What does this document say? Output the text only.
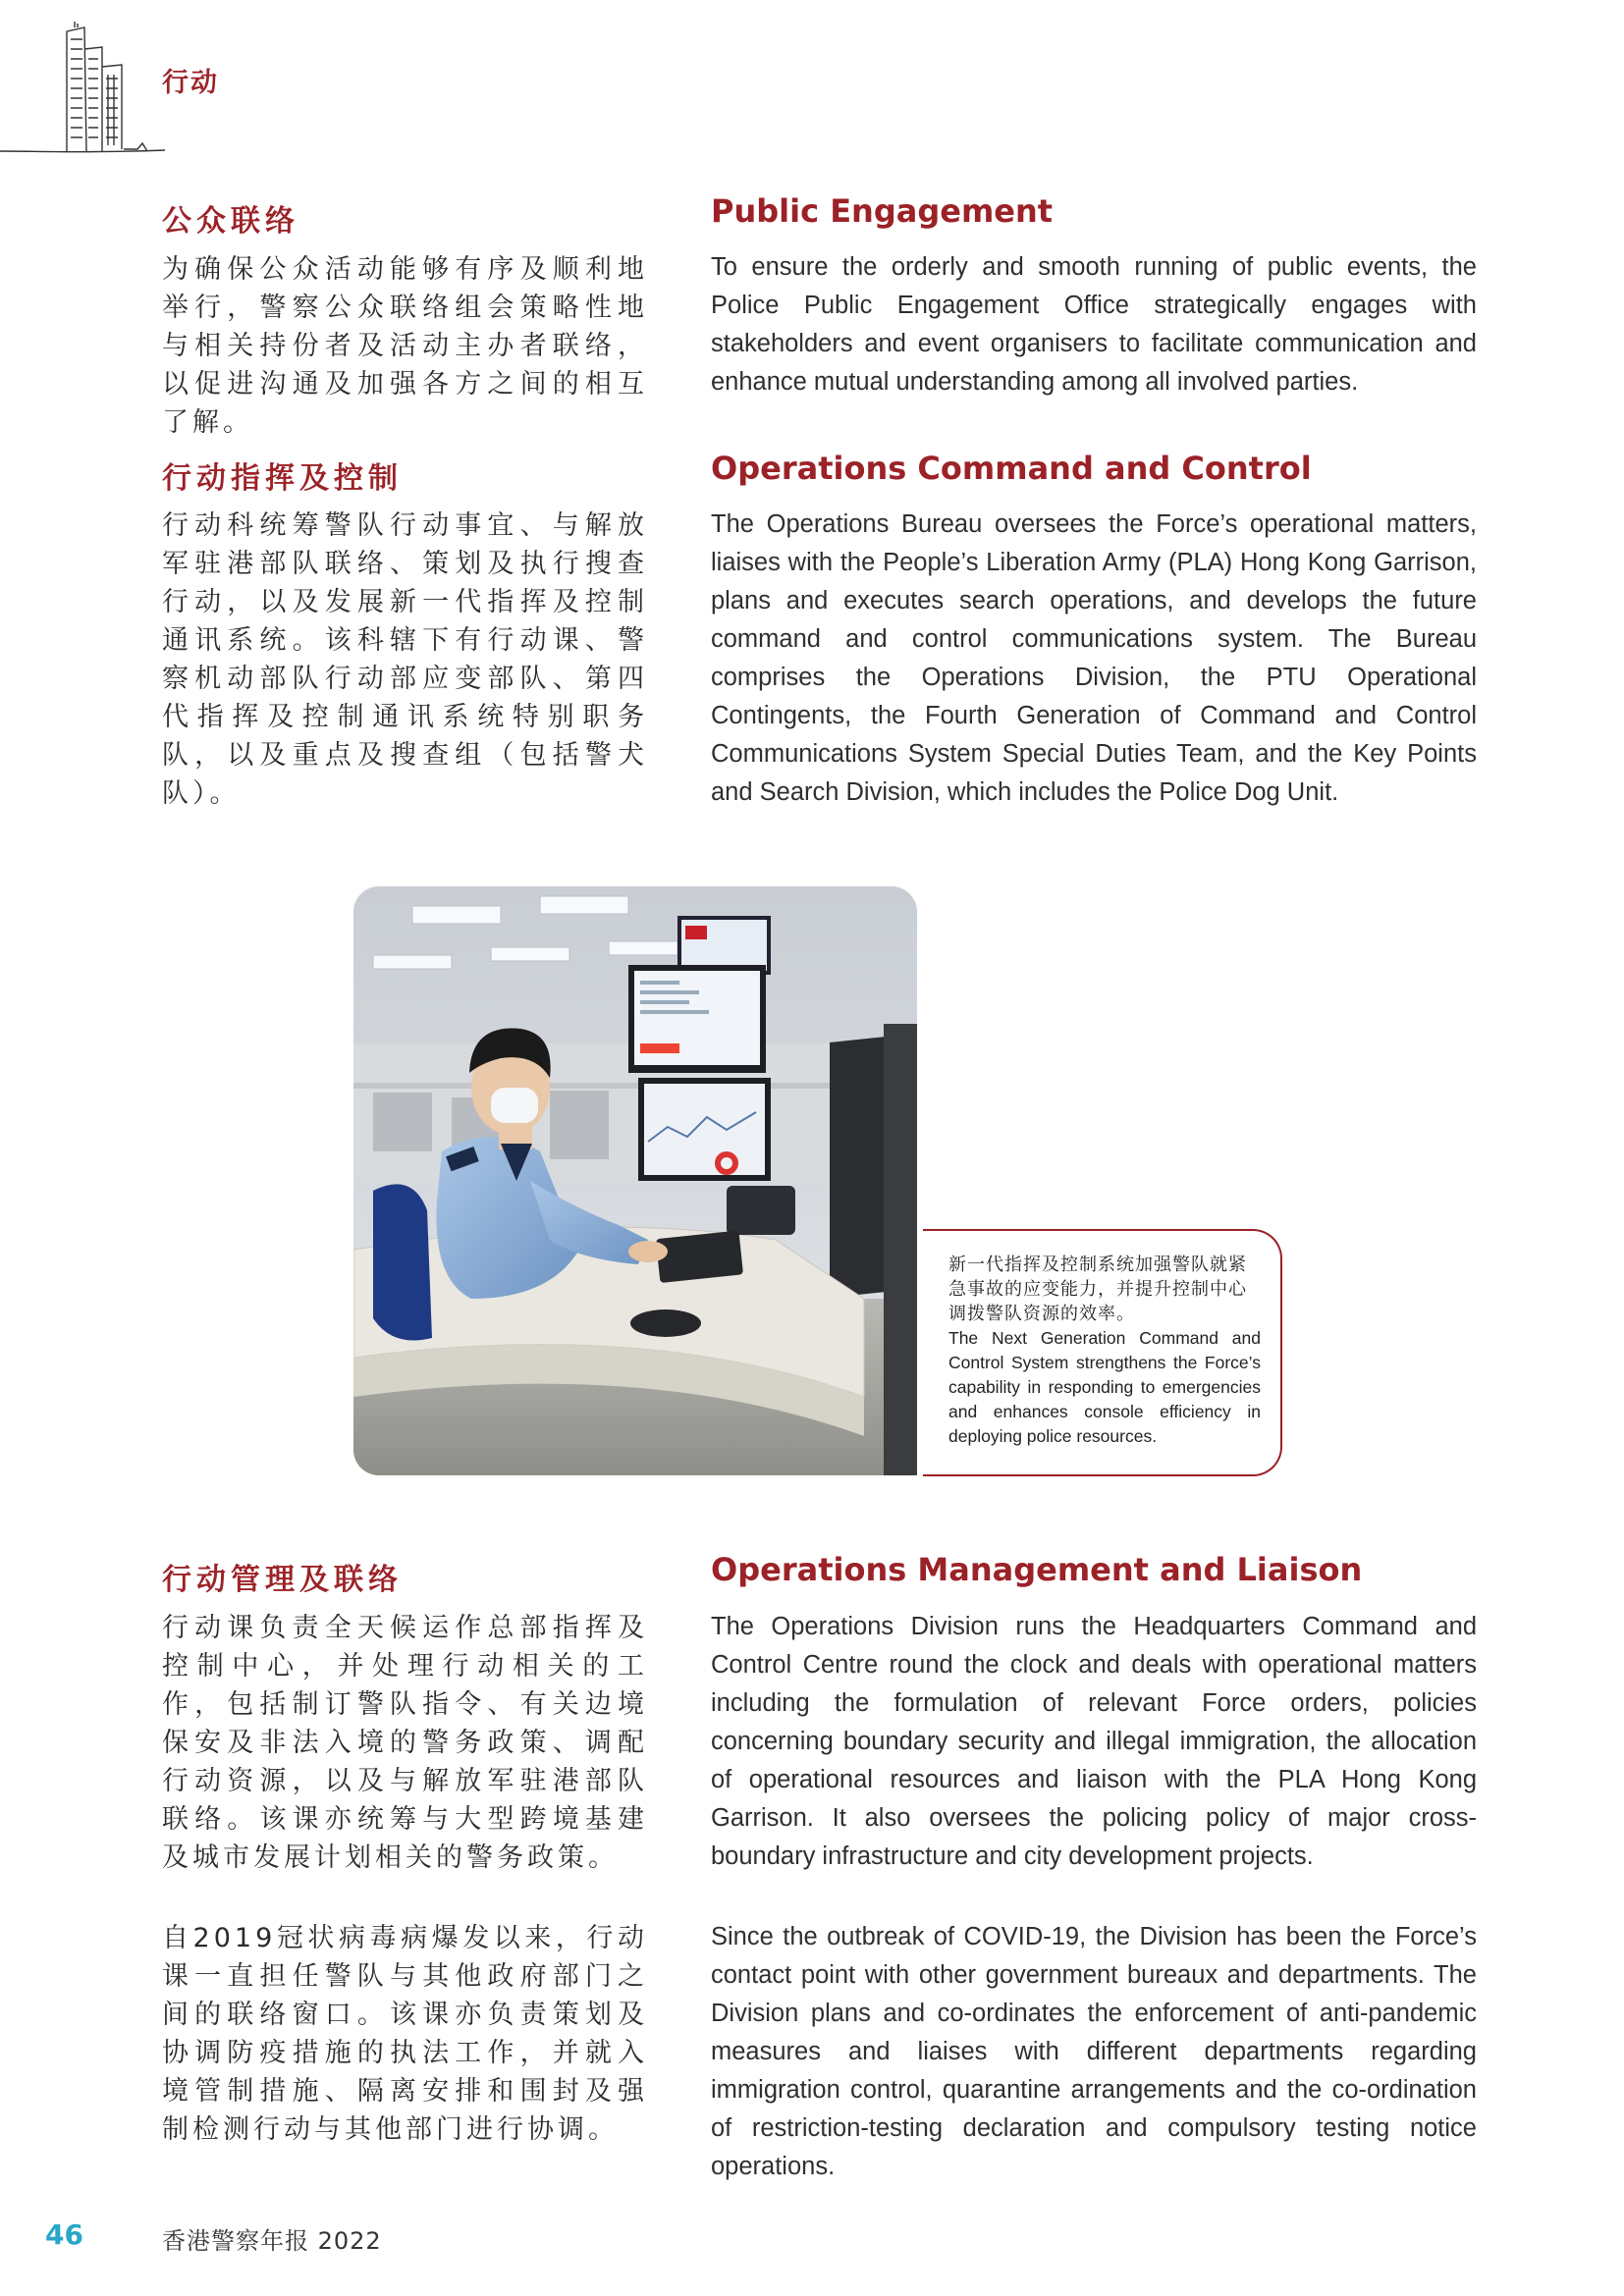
行动
公众联络	Public Engagement

为确保公众活动能够有序及顺利地举行，警察公众联络组会策略性地与相关持份者及活动主办者联络，以促进沟通及加强各方之间的相互了解。

To ensure the orderly and smooth running of public events, the Police Public Engagement Office strategically engages with stakeholders and event organisers to facilitate communication and enhance mutual understanding among all involved parties.

行动指挥及控制	Operations Command and Control

行动科统筹警队行动事宜、与解放军驻港部队联络、策划及执行搜查行动，以及发展新一代指挥及控制通讯系统。该科辖下有行动课、警察机动部队行动部应变部队、第四代指挥及控制通讯系统特别职务队，以及重点及搜查组（包括警犬队）。

The Operations Bureau oversees the Force’s operational matters, liaises with the People’s Liberation Army (PLA) Hong Kong Garrison, plans and executes search operations, and develops the future command and control communications system. The Bureau comprises the Operations Division, the PTU Operational Contingents, the Fourth Generation of Command and Control Communications System Special Duties Team, and the Key Points and Search Division, which includes the Police Dog Unit.

新一代指挥及控制系统加强警队就紧急事故的应变能力，并提升控制中心调拨警队资源的效率。

The Next Generation Command and Control System strengthens the Force’s capability in responding to emergencies and enhances console efficiency in deploying police resources.

行动管理及联络	Operations Management and Liaison

行动课负责全天候运作总部指挥及控制中心，并处理行动相关的工作，包括制订警队指令、有关边境保安及非法入境的警务政策、调配行动资源，以及与解放军驻港部队联络。该课亦统筹与大型跨境基建及城市发展计划相关的警务政策。

The Operations Division runs the Headquarters Command and Control Centre round the clock and deals with operational matters including the formulation of relevant Force orders, policies concerning boundary security and illegal immigration, the allocation of operational resources and liaison with the PLA Hong Kong Garrison. It also oversees the policing policy of major cross-boundary infrastructure and city development projects.

自2019冠状病毒病爆发以来，行动课一直担任警队与其他政府部门之间的联络窗口。该课亦负责策划及协调防疫措施的执法工作，并就入境管制措施、隔离安排和围封及强制检测行动与其他部门进行协调。

Since the outbreak of COVID-19, the Division has been the Force’s contact point with other government bureaux and departments. The Division plans and co-ordinates the enforcement of anti-pandemic measures and liaises with different departments regarding immigration control, quarantine arrangements and the co-ordination of restriction-testing declaration and compulsory testing notice operations.

46	香港警察年报 2022
